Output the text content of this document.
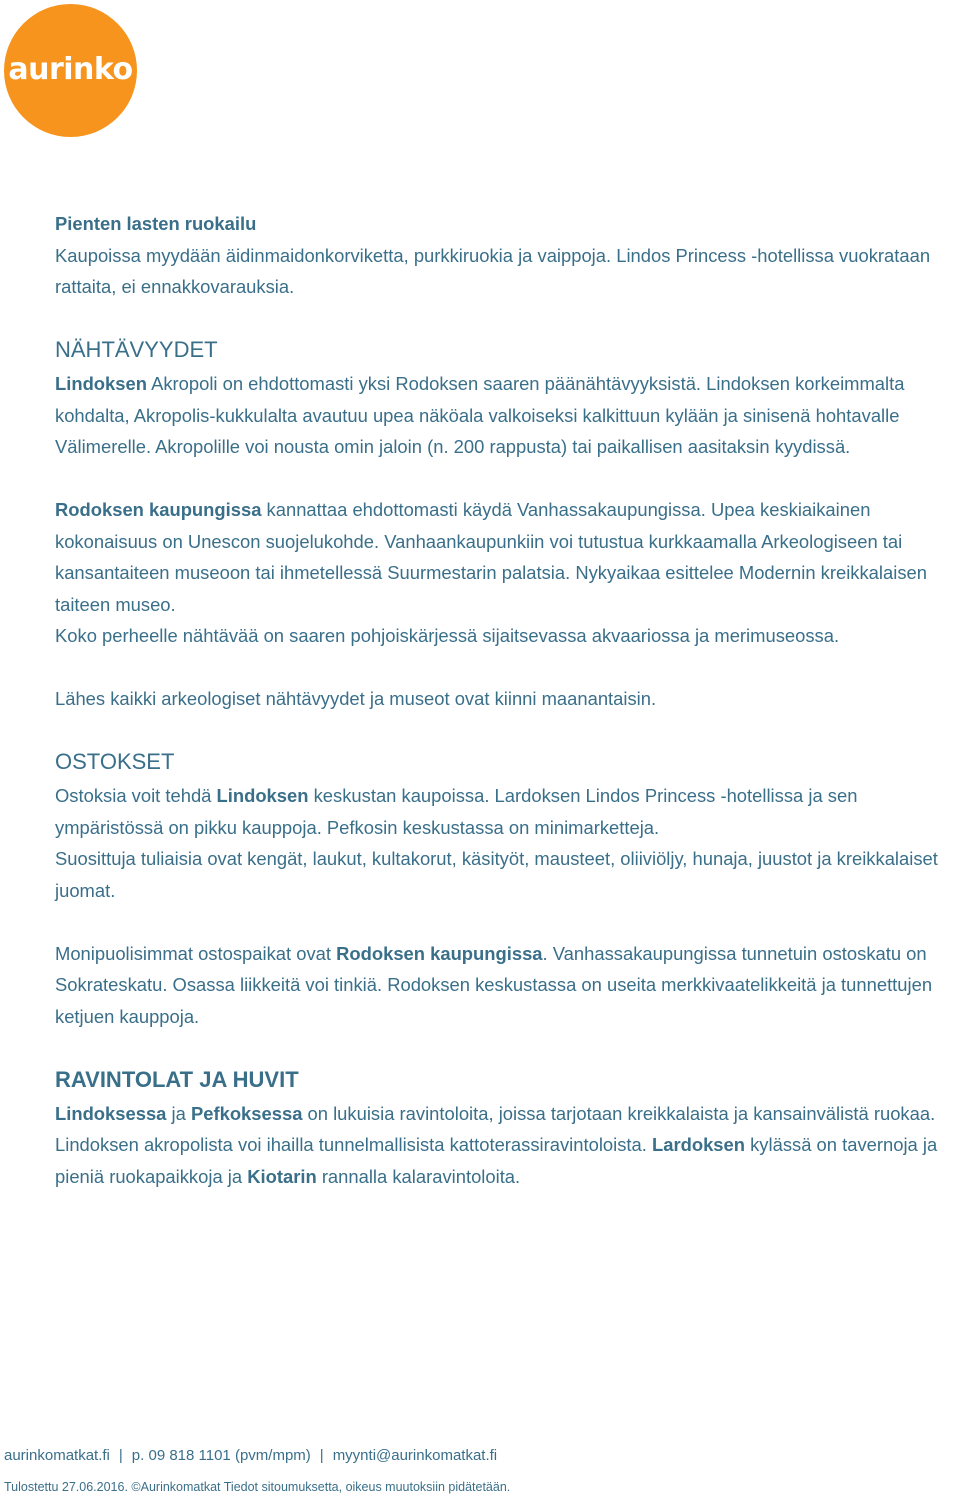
aurinko
Pienten lasten ruokailu

Kaupoissa myydään äidinmaidonkorviketta, purkkiruokia ja vaippoja. Lindos Princess -hotellissa vuokrataan rattaita, ei ennakkovarauksia.

NÄHTÄVYYDET

Lindoksen Akropoli on ehdottomasti yksi Rodoksen saaren päänähtävyyksistä. Lindoksen korkeimmalta kohdalta, Akropolis-kukkulalta avautuu upea näköala valkoiseksi kalkittuun kylään ja sinisenä hohtavalle Välimerelle. Akropolille voi nousta omin jaloin (n. 200 rappusta) tai paikallisen aasitaksin kyydissä.

Rodoksen kaupungissa kannattaa ehdottomasti käydä Vanhassakaupungissa. Upea keskiaikainen kokonaisuus on Unescon suojelukohde. Vanhaankaupunkiin voi tutustua kurkkaamalla Arkeologiseen tai kansantaiteen museoon tai ihmetellessä Suurmestarin palatsia. Nykyaikaa esittelee Modernin kreikkalaisen taiteen museo.

Koko perheelle nähtävää on saaren pohjoiskärjessä sijaitsevassa akvaariossa ja merimuseossa.

Lähes kaikki arkeologiset nähtävyydet ja museot ovat kiinni maanantaisin.

OSTOKSET

Ostoksia voit tehdä Lindoksen keskustan kaupoissa. Lardoksen Lindos Princess -hotellissa ja sen ympäristössä on pikku kauppoja. Pefkosin keskustassa on minimarketteja.

Suosittuja tuliaisia ovat kengät, laukut, kultakorut, käsityöt, mausteet, oliiviöljy, hunaja, juustot ja kreikkalaiset juomat.

Monipuolisimmat ostospaikat ovat Rodoksen kaupungissa. Vanhassakaupungissa tunnetuin ostoskatu on Sokrateskatu. Osassa liikkeitä voi tinkiä. Rodoksen keskustassa on useita merkkivaatelikkeitä ja tunnettujen ketjuen kauppoja.

RAVINTOLAT JA HUVIT

Lindoksessa ja Pefkoksessa on lukuisia ravintoloita, joissa tarjotaan kreikkalaista ja kansainvälistä ruokaa. Lindoksen akropolista voi ihailla tunnelmallisista kattoterassiravintoloista. Lardoksen kylässä on tavernoja ja pieniä ruokapaikkoja ja Kiotarin rannalla kalaravintoloita.

aurinkomatkat.fi | p. 09 818 1101 (pvm/mpm) | myynti@aurinkomatkat.fi
Tulostettu 27.06.2016. ©Aurinkomatkat Tiedot sitoumuksetta, oikeus muutoksiin pidätetään.
